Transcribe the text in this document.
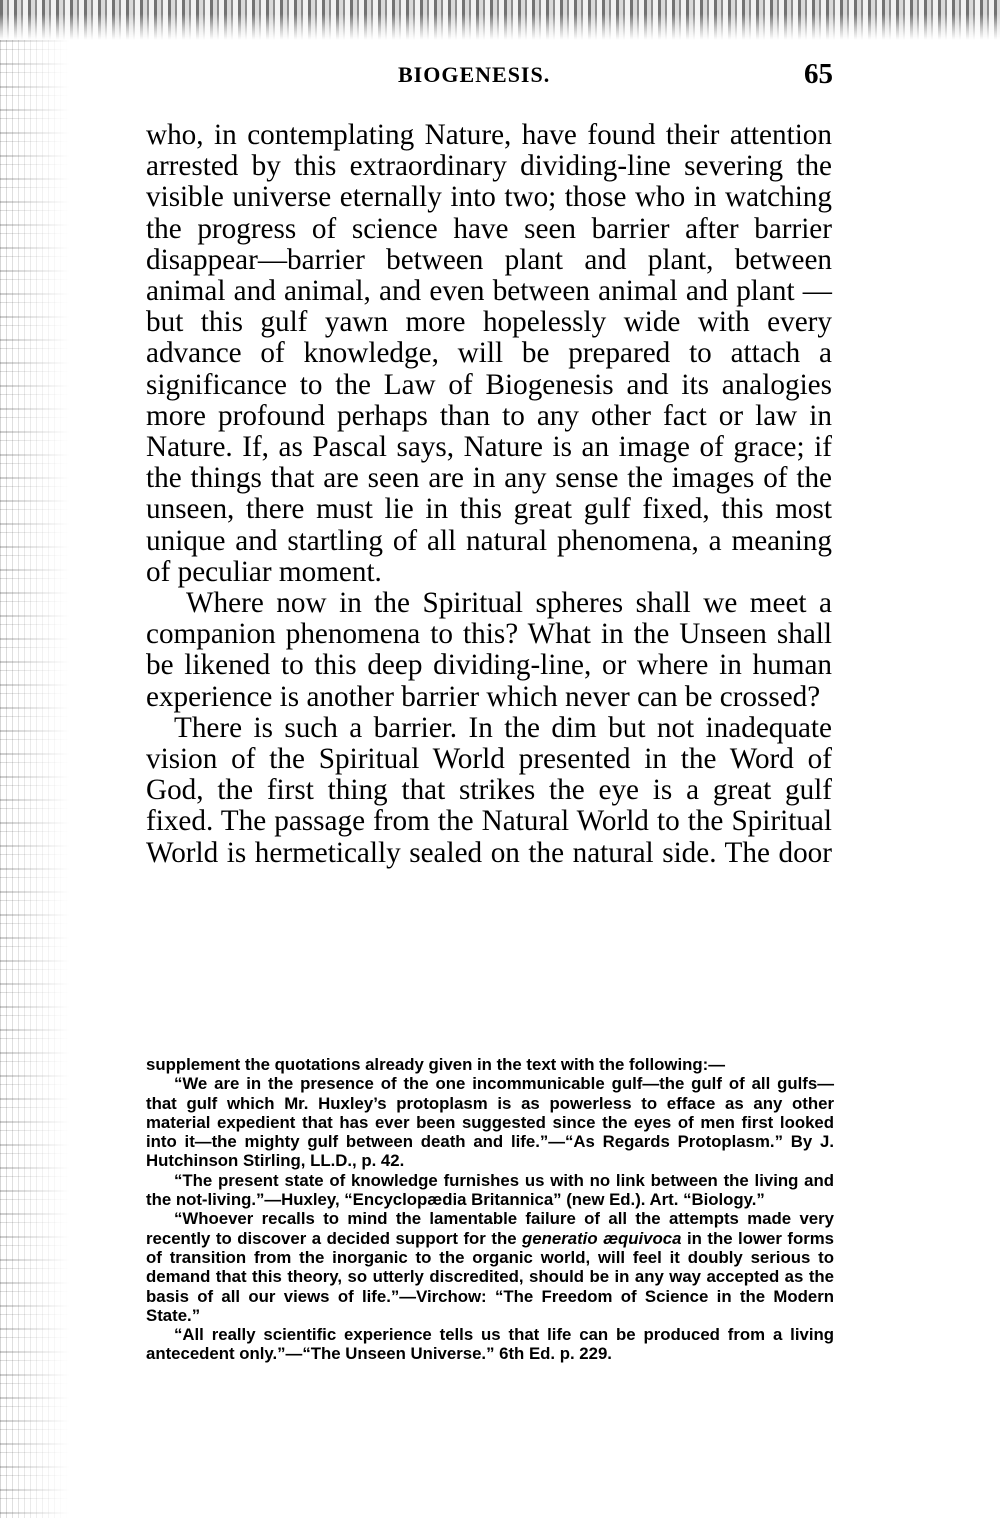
BIOGENESIS.	65

who, in contemplating Nature, have found their attention arrested by this extraordinary dividing-line severing the visible universe eternally into two; those who in watching the progress of science have seen barrier after barrier disappear—barrier between plant and plant, between animal and animal, and even between animal and plant —but this gulf yawn more hopelessly wide with every advance of knowledge, will be prepared to attach a significance to the Law of Biogenesis and its analogies more profound perhaps than to any other fact or law in Nature. If, as Pascal says, Nature is an image of grace; if the things that are seen are in any sense the images of the unseen, there must lie in this great gulf fixed, this most unique and startling of all natural phenomena, a meaning of peculiar moment.

Where now in the Spiritual spheres shall we meet a companion phenomena to this? What in the Unseen shall be likened to this deep dividing-line, or where in human experience is another barrier which never can be crossed?

There is such a barrier. In the dim but not inadequate vision of the Spiritual World presented in the Word of God, the first thing that strikes the eye is a great gulf fixed. The passage from the Natural World to the Spiritual World is hermetically sealed on the natural side. The door

supplement the quotations already given in the text with the following:—

“We are in the presence of the one incommunicable gulf—the gulf of all gulfs—that gulf which Mr. Huxley’s protoplasm is as powerless to efface as any other material expedient that has ever been suggested since the eyes of men first looked into it—the mighty gulf between death and life.”—“As Regards Protoplasm.” By J. Hutchinson Stirling, LL.D., p. 42.

“The present state of knowledge furnishes us with no link between the living and the not-living.”—Huxley, “Encyclopædia Britannica” (new Ed.). Art. “Biology.”

“Whoever recalls to mind the lamentable failure of all the attempts made very recently to discover a decided support for the generatio æquivoca in the lower forms of transition from the inorganic to the organic world, will feel it doubly serious to demand that this theory, so utterly discredited, should be in any way accepted as the basis of all our views of life.”—Virchow: “The Freedom of Science in the Modern State.”

“All really scientific experience tells us that life can be produced from a living antecedent only.”—“The Unseen Universe.” 6th Ed. p. 229.
